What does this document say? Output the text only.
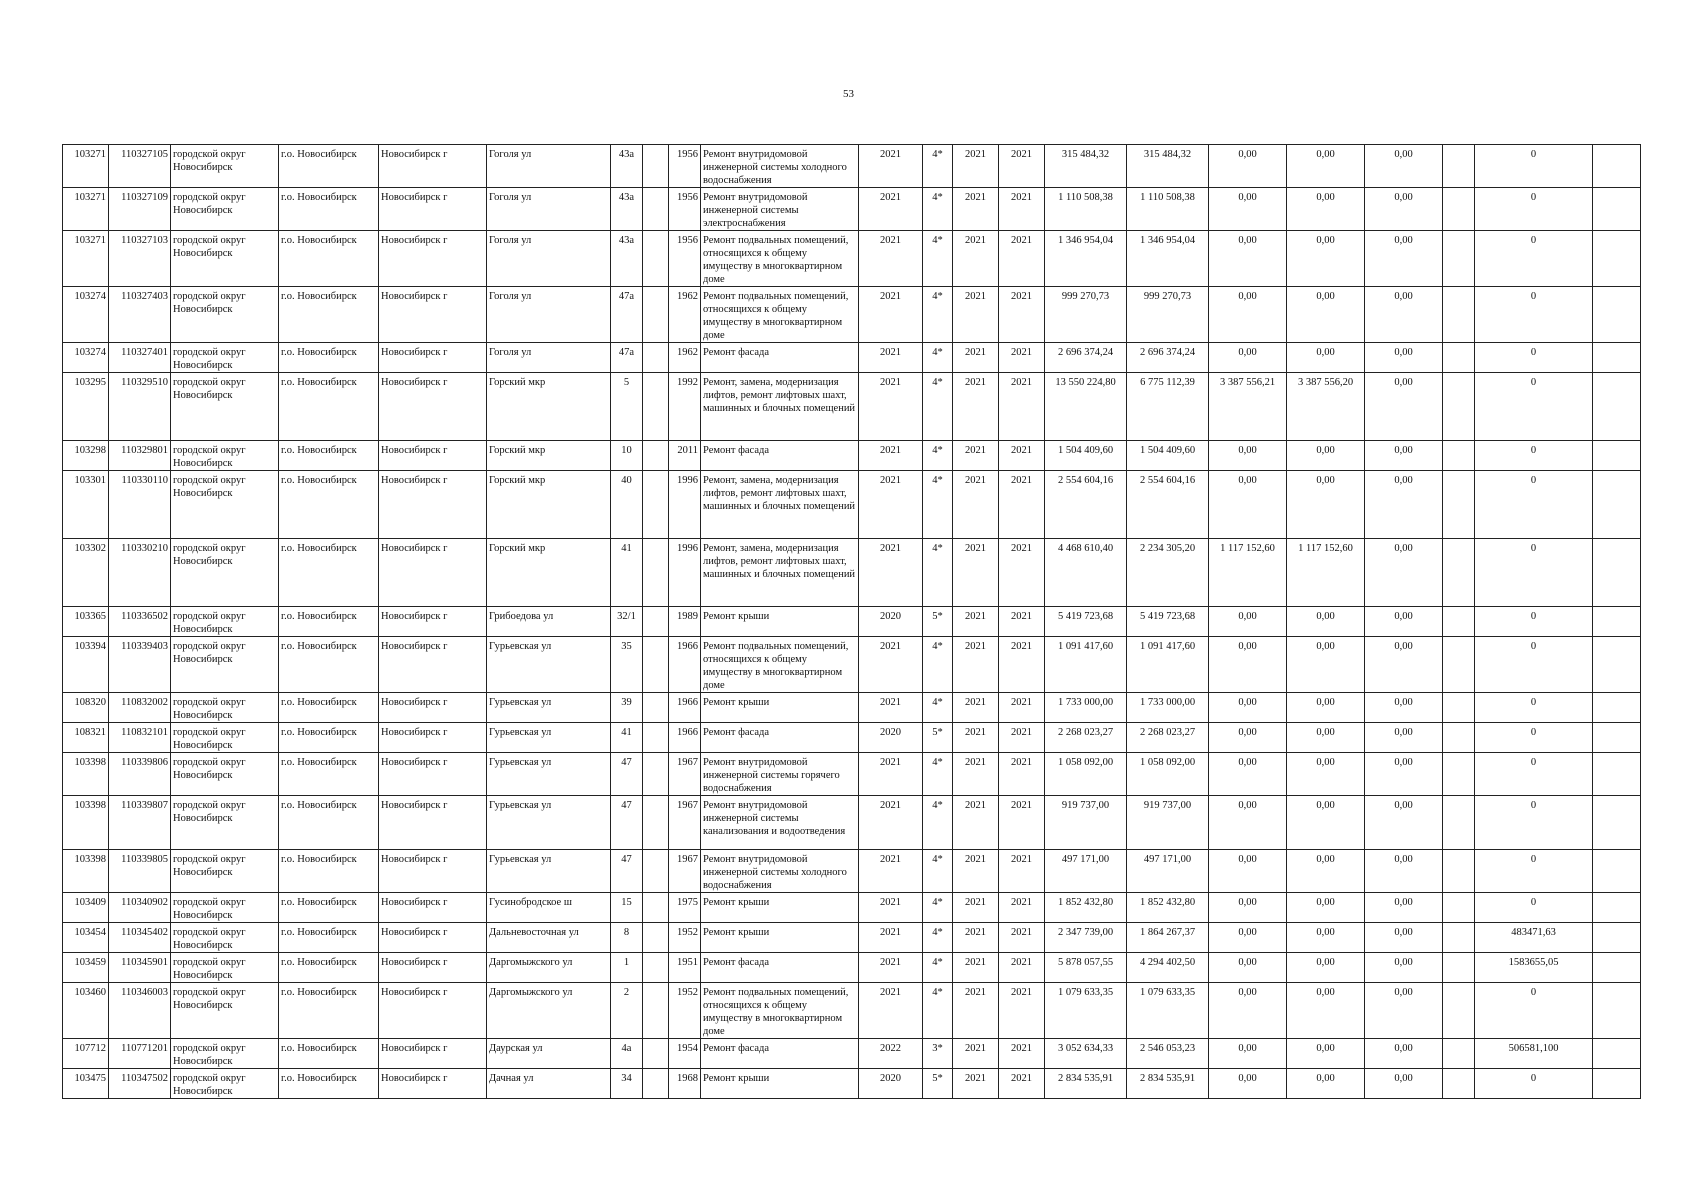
53
103271	110327105	городской округ Новосибирск	г.о. Новосибирск	Новосибирск г	Гоголя ул	43а		1956	Ремонт внутридомовой инженерной системы холодного водоснабжения	2021	4*	2021	2021	315 484,32	315 484,32	0,00	0,00	0,00		0	
103271	110327109	городской округ Новосибирск	г.о. Новосибирск	Новосибирск г	Гоголя ул	43а		1956	Ремонт внутридомовой инженерной системы электроснабжения	2021	4*	2021	2021	1 110 508,38	1 110 508,38	0,00	0,00	0,00		0	
103271	110327103	городской округ Новосибирск	г.о. Новосибирск	Новосибирск г	Гоголя ул	43а		1956	Ремонт подвальных помещений, относящихся к общему имуществу в многоквартирном доме	2021	4*	2021	2021	1 346 954,04	1 346 954,04	0,00	0,00	0,00		0	
103274	110327403	городской округ Новосибирск	г.о. Новосибирск	Новосибирск г	Гоголя ул	47а		1962	Ремонт подвальных помещений, относящихся к общему имуществу в многоквартирном доме	2021	4*	2021	2021	999 270,73	999 270,73	0,00	0,00	0,00		0	
103274	110327401	городской округ Новосибирск	г.о. Новосибирск	Новосибирск г	Гоголя ул	47а		1962	Ремонт фасада	2021	4*	2021	2021	2 696 374,24	2 696 374,24	0,00	0,00	0,00		0	
103295	110329510	городской округ Новосибирск	г.о. Новосибирск	Новосибирск г	Горский мкр	5		1992	Ремонт, замена, модернизация лифтов, ремонт лифтовых шахт, машинных и блочных помещений	2021	4*	2021	2021	13 550 224,80	6 775 112,39	3 387 556,21	3 387 556,20	0,00		0	
103298	110329801	городской округ Новосибирск	г.о. Новосибирск	Новосибирск г	Горский мкр	10		2011	Ремонт фасада	2021	4*	2021	2021	1 504 409,60	1 504 409,60	0,00	0,00	0,00		0	
103301	110330110	городской округ Новосибирск	г.о. Новосибирск	Новосибирск г	Горский мкр	40		1996	Ремонт, замена, модернизация лифтов, ремонт лифтовых шахт, машинных и блочных помещений	2021	4*	2021	2021	2 554 604,16	2 554 604,16	0,00	0,00	0,00		0	
103302	110330210	городской округ Новосибирск	г.о. Новосибирск	Новосибирск г	Горский мкр	41		1996	Ремонт, замена, модернизация лифтов, ремонт лифтовых шахт, машинных и блочных помещений	2021	4*	2021	2021	4 468 610,40	2 234 305,20	1 117 152,60	1 117 152,60	0,00		0	
103365	110336502	городской округ Новосибирск	г.о. Новосибирск	Новосибирск г	Грибоедова ул	32/1		1989	Ремонт крыши	2020	5*	2021	2021	5 419 723,68	5 419 723,68	0,00	0,00	0,00		0	
103394	110339403	городской округ Новосибирск	г.о. Новосибирск	Новосибирск г	Гурьевская ул	35		1966	Ремонт подвальных помещений, относящихся к общему имуществу в многоквартирном доме	2021	4*	2021	2021	1 091 417,60	1 091 417,60	0,00	0,00	0,00		0	
108320	110832002	городской округ Новосибирск	г.о. Новосибирск	Новосибирск г	Гурьевская ул	39		1966	Ремонт крыши	2021	4*	2021	2021	1 733 000,00	1 733 000,00	0,00	0,00	0,00		0	
108321	110832101	городской округ Новосибирск	г.о. Новосибирск	Новосибирск г	Гурьевская ул	41		1966	Ремонт фасада	2020	5*	2021	2021	2 268 023,27	2 268 023,27	0,00	0,00	0,00		0	
103398	110339806	городской округ Новосибирск	г.о. Новосибирск	Новосибирск г	Гурьевская ул	47		1967	Ремонт внутридомовой инженерной системы горячего водоснабжения	2021	4*	2021	2021	1 058 092,00	1 058 092,00	0,00	0,00	0,00		0	
103398	110339807	городской округ Новосибирск	г.о. Новосибирск	Новосибирск г	Гурьевская ул	47		1967	Ремонт внутридомовой инженерной системы канализования и водоотведения	2021	4*	2021	2021	919 737,00	919 737,00	0,00	0,00	0,00		0	
103398	110339805	городской округ Новосибирск	г.о. Новосибирск	Новосибирск г	Гурьевская ул	47		1967	Ремонт внутридомовой инженерной системы холодного водоснабжения	2021	4*	2021	2021	497 171,00	497 171,00	0,00	0,00	0,00		0	
103409	110340902	городской округ Новосибирск	г.о. Новосибирск	Новосибирск г	Гусинобродское ш	15		1975	Ремонт крыши	2021	4*	2021	2021	1 852 432,80	1 852 432,80	0,00	0,00	0,00		0	
103454	110345402	городской округ Новосибирск	г.о. Новосибирск	Новосибирск г	Дальневосточная ул	8		1952	Ремонт крыши	2021	4*	2021	2021	2 347 739,00	1 864 267,37	0,00	0,00	0,00		483471,63	
103459	110345901	городской округ Новосибирск	г.о. Новосибирск	Новосибирск г	Даргомыжского ул	1		1951	Ремонт фасада	2021	4*	2021	2021	5 878 057,55	4 294 402,50	0,00	0,00	0,00		1583655,05	
103460	110346003	городской округ Новосибирск	г.о. Новосибирск	Новосибирск г	Даргомыжского ул	2		1952	Ремонт подвальных помещений, относящихся к общему имуществу в многоквартирном доме	2021	4*	2021	2021	1 079 633,35	1 079 633,35	0,00	0,00	0,00		0	
107712	110771201	городской округ Новосибирск	г.о. Новосибирск	Новосибирск г	Даурская ул	4а		1954	Ремонт фасада	2022	3*	2021	2021	3 052 634,33	2 546 053,23	0,00	0,00	0,00		506581,100	
103475	110347502	городской округ Новосибирск	г.о. Новосибирск	Новосибирск г	Дачная ул	34		1968	Ремонт крыши	2020	5*	2021	2021	2 834 535,91	2 834 535,91	0,00	0,00	0,00		0	
